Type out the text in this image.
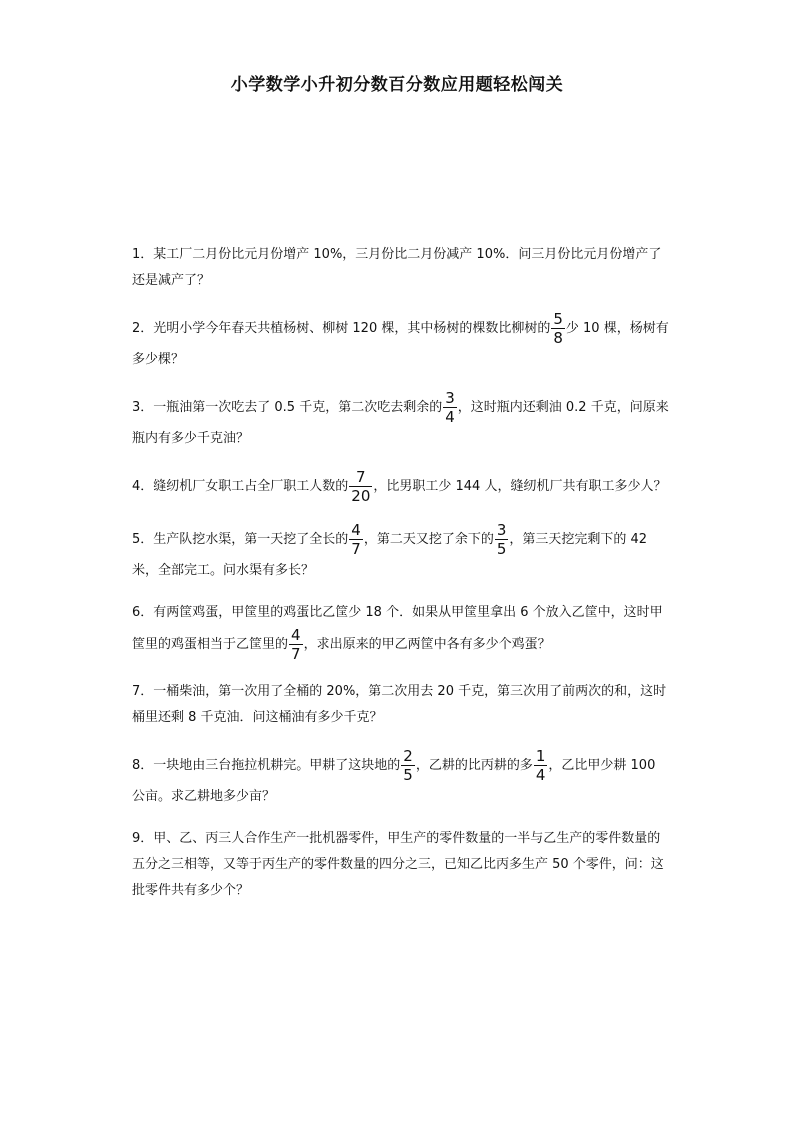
小学数学小升初分数百分数应用题轻松闯关
1．某工厂二月份比元月份增产 10%，三月份比二月份减产 10%．问三月份比元月份增产了还是减产了？
2．光明小学今年春天共植杨树、柳树 120 棵，其中杨树的棵数比柳树的 $\frac{5}{8}$ 少 10 棵，杨树有多少棵？
3．一瓶油第一次吃去了 0.5 千克，第二次吃去剩余的 $\frac{3}{4}$ ，这时瓶内还剩油 0.2 千克，问原来瓶内有多少千克油？
4．缝纫机厂女职工占全厂职工人数的 $\frac{7}{20}$ ，比男职工少 144 人，缝纫机厂共有职工多少人？
5．生产队挖水渠，第一天挖了全长的 $\frac{4}{7}$ ，第二天又挖了余下的 $\frac{3}{5}$ ，第三天挖完剩下的 42 米，全部完工。问水渠有多长？
6．有两筐鸡蛋，甲筐里的鸡蛋比乙筐少 18 个．如果从甲筐里拿出 6 个放入乙筐中，这时甲筐里的鸡蛋相当于乙筐里的 $\frac{4}{7}$ ，求出原来的甲乙两筐中各有多少个鸡蛋？
7．一桶柴油，第一次用了全桶的 20%，第二次用去 20 千克，第三次用了前两次的和，这时桶里还剩 8 千克油．问这桶油有多少千克？
8．一块地由三台拖拉机耕完。甲耕了这块地的 $\frac{2}{5}$ ，乙耕的比丙耕的多 $\frac{1}{4}$ ，乙比甲少耕 100 公亩。求乙耕地多少亩？
9．甲、乙、丙三人合作生产一批机器零件，甲生产的零件数量的一半与乙生产的零件数量的五分之三相等，又等于丙生产的零件数量的四分之三，已知乙比丙多生产 50 个零件，问：这批零件共有多少个？
